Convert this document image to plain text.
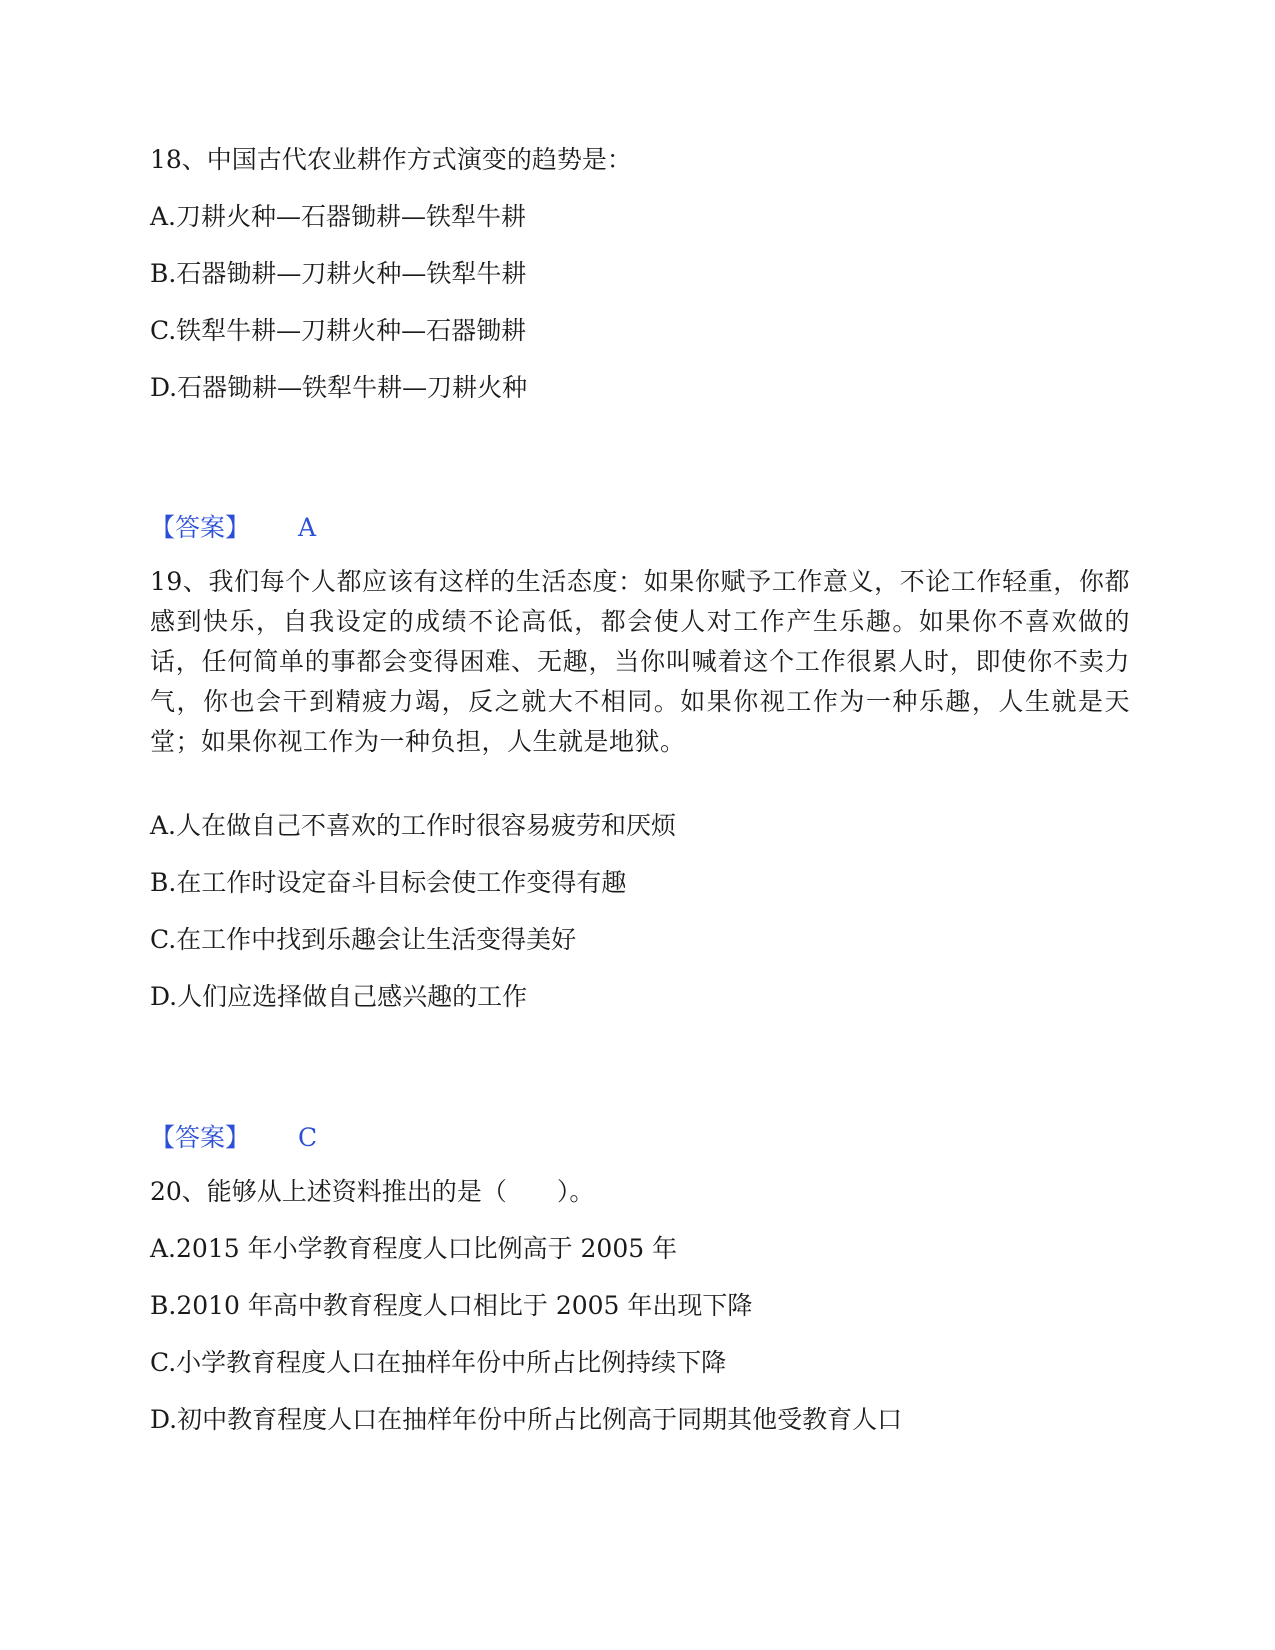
18、中国古代农业耕作方式演变的趋势是：
A.刀耕火种—石器锄耕—铁犁牛耕
B.石器锄耕—刀耕火种—铁犁牛耕
C.铁犁牛耕—刀耕火种—石器锄耕
D.石器锄耕—铁犁牛耕—刀耕火种
【答案】 A
19、我们每个人都应该有这样的生活态度：如果你赋予工作意义，不论工作轻重，你都感到快乐，自我设定的成绩不论高低，都会使人对工作产生乐趣。如果你不喜欢做的话，任何简单的事都会变得困难、无趣，当你叫喊着这个工作很累人时，即使你不卖力气，你也会干到精疲力竭，反之就大不相同。如果你视工作为一种乐趣，人生就是天堂；如果你视工作为一种负担，人生就是地狱。
A.人在做自己不喜欢的工作时很容易疲劳和厌烦
B.在工作时设定奋斗目标会使工作变得有趣
C.在工作中找到乐趣会让生活变得美好
D.人们应选择做自己感兴趣的工作
【答案】 C
20、能够从上述资料推出的是（　　）。
A.2015 年小学教育程度人口比例高于 2005 年
B.2010 年高中教育程度人口相比于 2005 年出现下降
C.小学教育程度人口在抽样年份中所占比例持续下降
D.初中教育程度人口在抽样年份中所占比例高于同期其他受教育人口
